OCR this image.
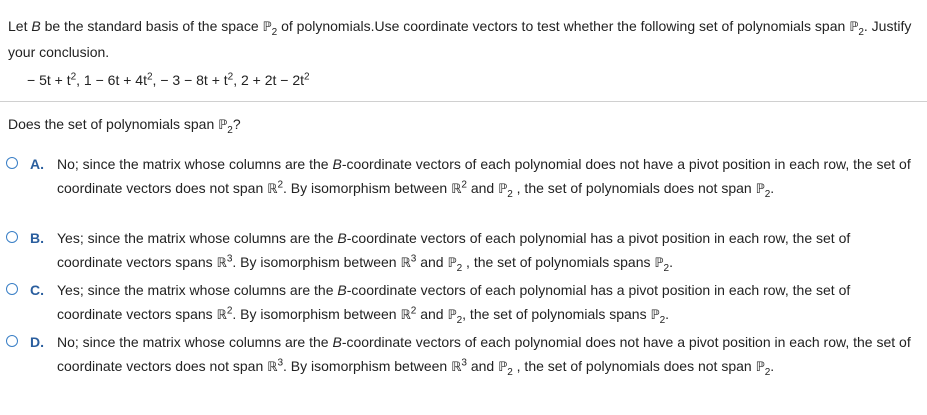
Let B be the standard basis of the space ℙ$_2$ of polynomials.Use coordinate vectors to test whether the following set of polynomials span ℙ$_2$. Justify your conclusion.

− $5t + t^2$, $1 - 6t + 4t^2$, − $3 - 8t + t^2$, $2 + 2t - 2t^2$

Does the set of polynomials span ℙ$_2$?
A. No; since the matrix whose columns are the B-coordinate vectors of each polynomial does not have a pivot position in each row, the set of coordinate vectors does not span ℝ$^2$. By isomorphism between ℝ$^2$ and ℙ$_2$ , the set of polynomials does not span ℙ$_2$.
B. Yes; since the matrix whose columns are the B-coordinate vectors of each polynomial has a pivot position in each row, the set of coordinate vectors spans ℝ$^3$. By isomorphism between ℝ$^3$ and ℙ$_2$ , the set of polynomials spans ℙ$_2$.
C. Yes; since the matrix whose columns are the B-coordinate vectors of each polynomial has a pivot position in each row, the set of coordinate vectors spans ℝ$^2$. By isomorphism between ℝ$^2$ and ℙ$_2$, the set of polynomials spans ℙ$_2$.
D. No; since the matrix whose columns are the B-coordinate vectors of each polynomial does not have a pivot position in each row, the set of coordinate vectors does not span ℝ$^3$. By isomorphism between ℝ$^3$ and ℙ$_2$ , the set of polynomials does not span ℙ$_2$.
